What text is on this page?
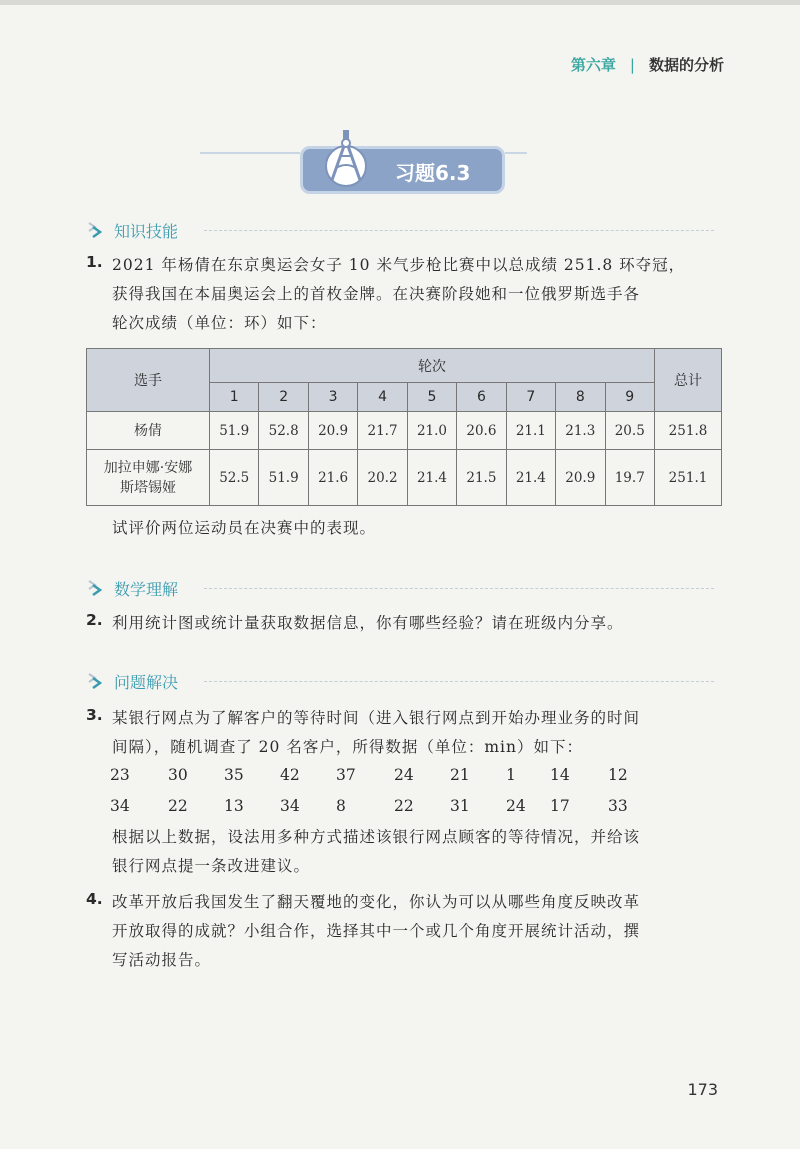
第六章 | 数据的分析
习题6.3
知识技能
1. 2021 年杨倩在东京奥运会女子 10 米气步枪比赛中以总成绩 251.8 环夺冠，
获得我国在本届奥运会上的首枚金牌。在决赛阶段她和一位俄罗斯选手各
轮次成绩（单位：环）如下：
选手	轮次									总计
	1	2	3	4	5	6	7	8	9	
杨倩	51.9	52.8	20.9	21.7	21.0	20.6	21.1	21.3	20.5	251.8

加拉申娜·安娜
斯塔锡娅	52.5	51.9	21.6	20.2	21.4	21.5	21.4	20.9	19.7	251.1
试评价两位运动员在决赛中的表现。
数学理解
2. 利用统计图或统计量获取数据信息，你有哪些经验？请在班级内分享。
问题解决
3. 某银行网点为了解客户的等待时间（进入银行网点到开始办理业务的时间
间隔），随机调查了 20 名客户，所得数据（单位：min）如下：
23 30 35 42 37 24 21 1 14 12
34 22 13 34 8	22 31 24 17 33
根据以上数据，设法用多种方式描述该银行网点顾客的等待情况，并给该
银行网点提一条改进建议。
4. 改革开放后我国发生了翻天覆地的变化，你认为可以从哪些角度反映改革
开放取得的成就？小组合作，选择其中一个或几个角度开展统计活动，撰
写活动报告。
173
